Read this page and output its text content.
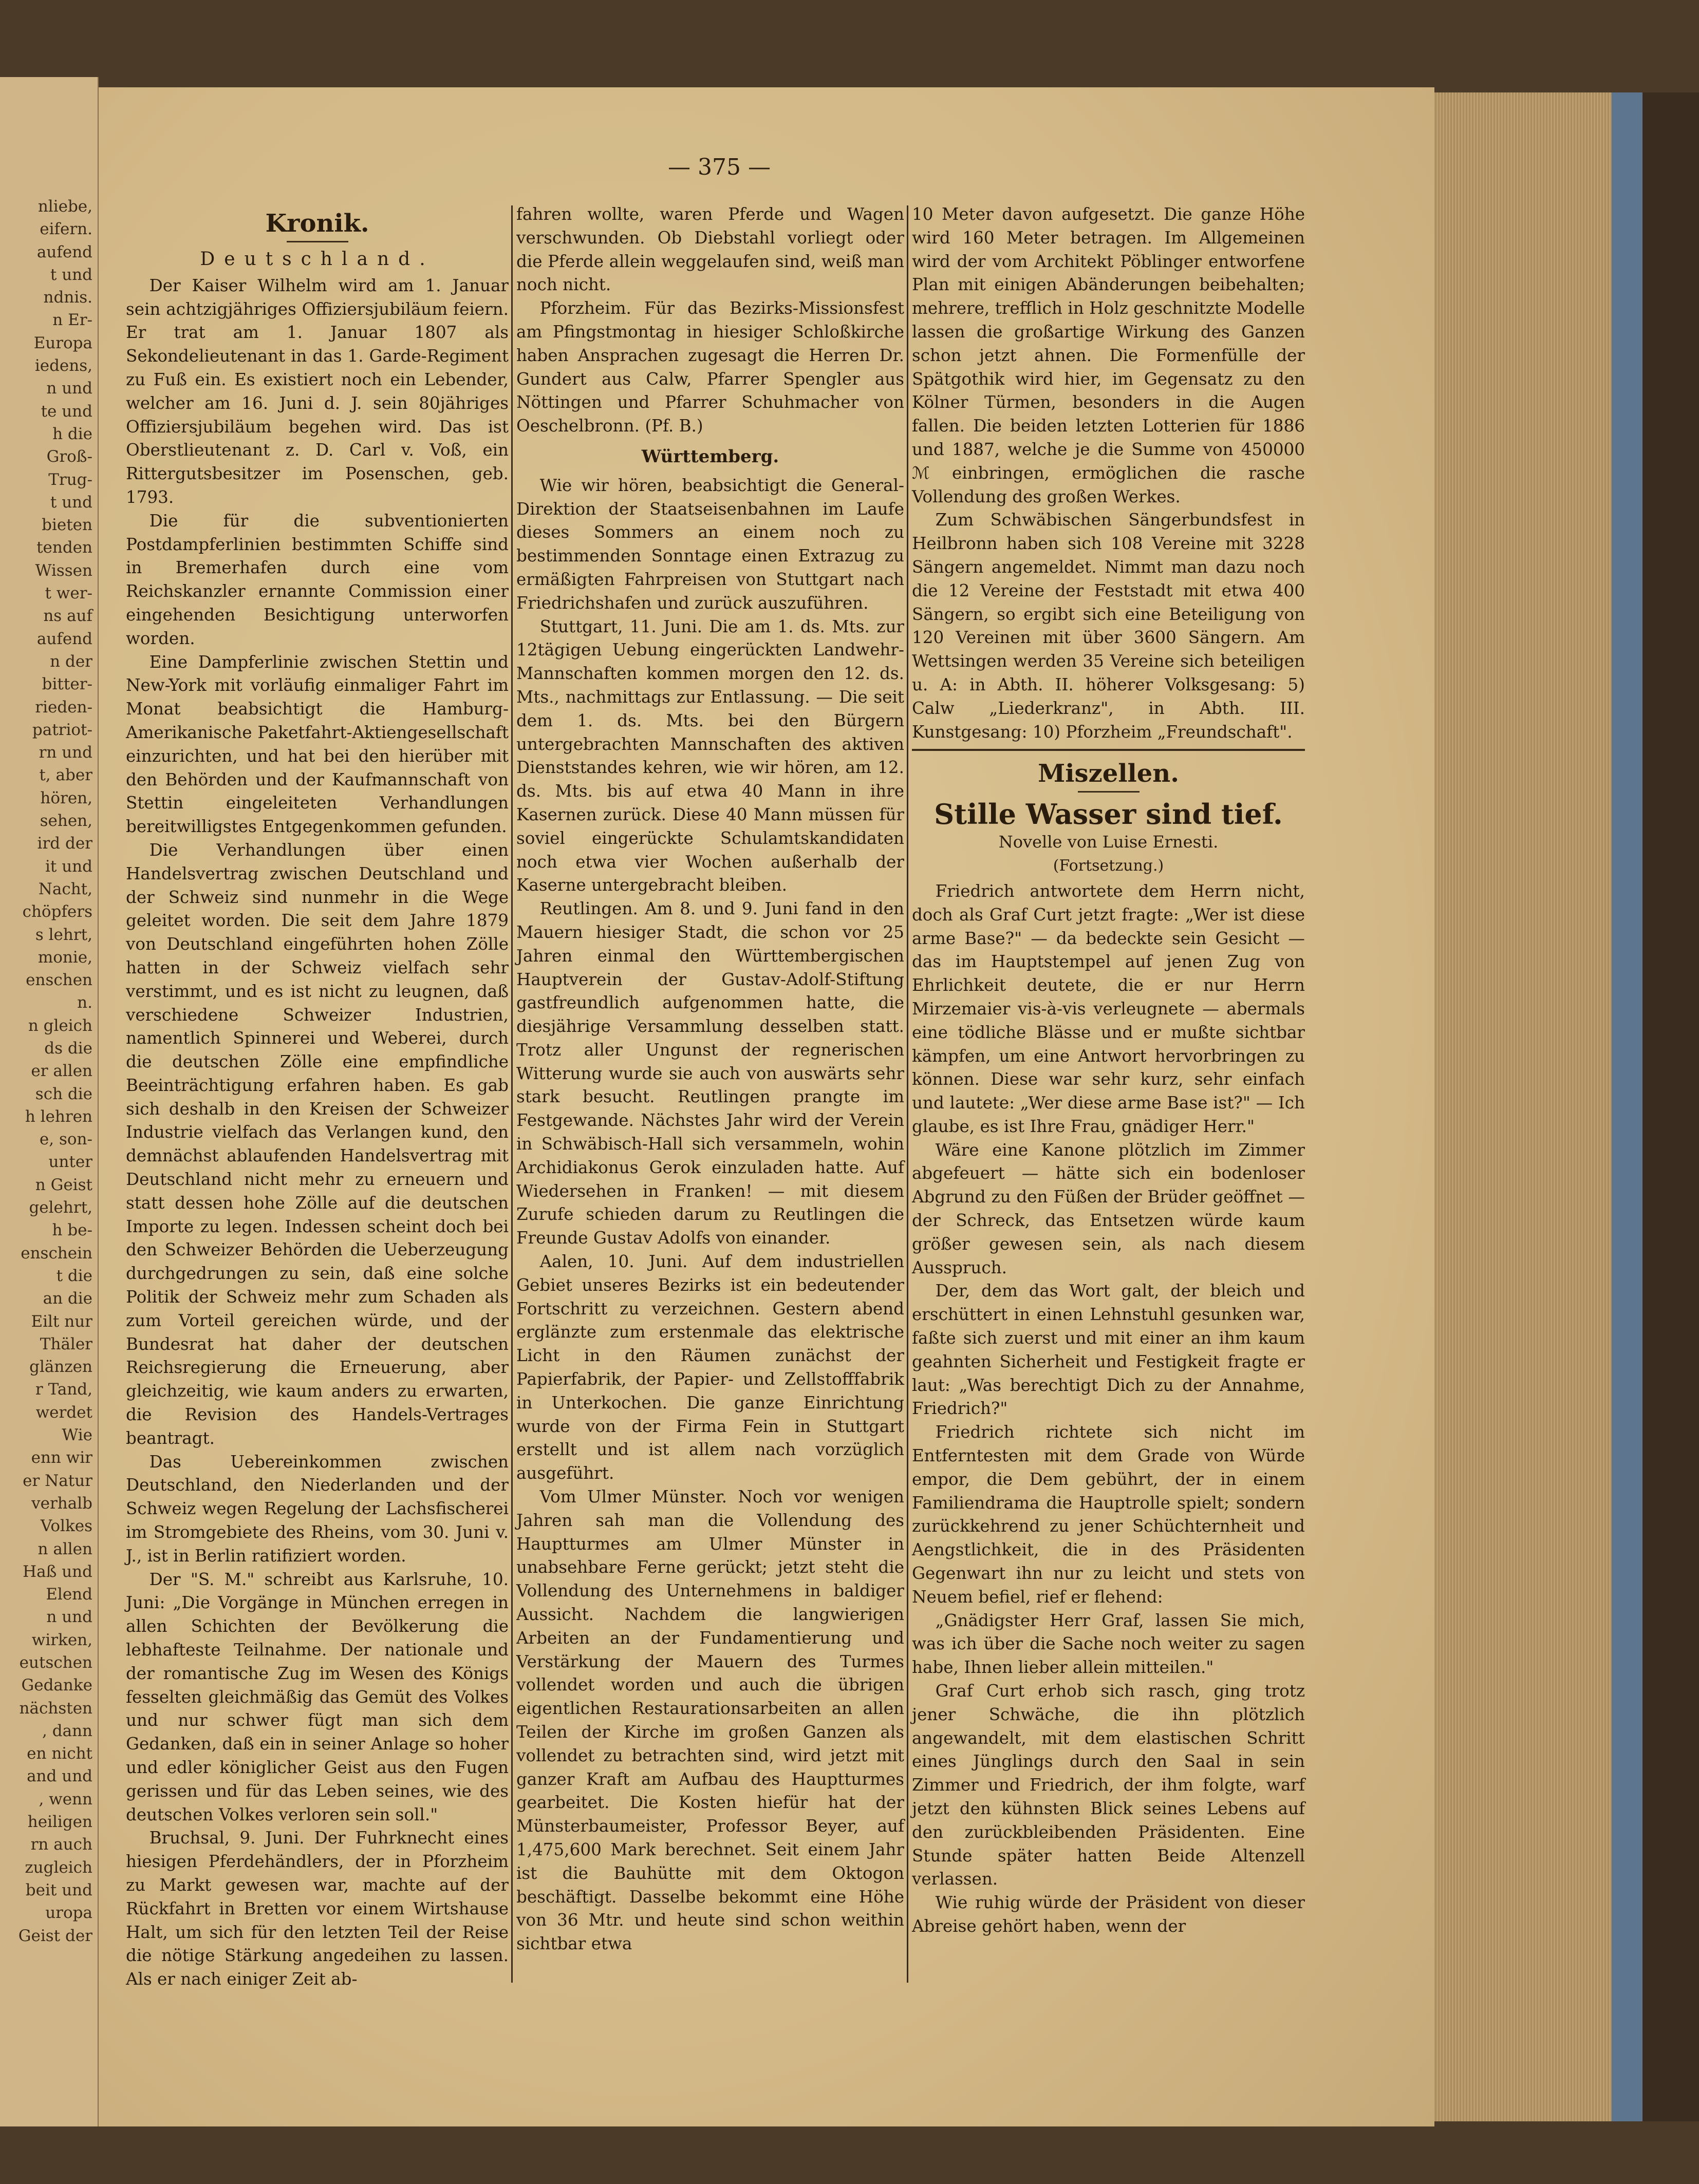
nliebe,
eifern.
aufend
t und
ndnis.
n Er-
Europa
iedens,
n und
te und
h die
Groß-
Trug-
t und
bieten
tenden
Wissen
t wer-
ns auf
aufend
n der
bitter-
rieden-
patriot-
rn und
t, aber
hören,
sehen,
ird der
it und
Nacht,
chöpfers
s lehrt,
monie,
enschen
n.
n gleich
ds die
er allen
sch die
h lehren
e, son-
unter
n Geist
gelehrt,
h be-
enschein
t die
an die
Eilt nur
Thäler
glänzen
r Tand,
werdet
Wie
enn wir
er Natur
verhalb
Volkes
n allen
Haß und
Elend
n und
wirken,
eutschen
Gedanke
nächsten
, dann
en nicht
and und
, wenn
heiligen
rn auch
zugleich
beit und
uropa
Geist der
— 375 —
Kronik.
Deutschland.

Der Kaiser Wilhelm wird am 1. Januar sein achtzigjähriges Offiziersjubiläum feiern. Er trat am 1. Januar 1807 als Sekondelieutenant in das 1. Garde-Regiment zu Fuß ein. Es existiert noch ein Lebender, welcher am 16. Juni d. J. sein 80jähriges Offiziersjubiläum begehen wird. Das ist Oberstlieutenant z. D. Carl v. Voß, ein Rittergutsbesitzer im Posenschen, geb. 1793.

Die für die subventionierten Postdampferlinien bestimmten Schiffe sind in Bremerhafen durch eine vom Reichskanzler ernannte Commission einer eingehenden Besichtigung unterworfen worden.

Eine Dampferlinie zwischen Stettin und New-York mit vorläufig einmaliger Fahrt im Monat beabsichtigt die Hamburg-Amerikanische Paketfahrt-Aktiengesellschaft einzurichten, und hat bei den hierüber mit den Behörden und der Kaufmannschaft von Stettin eingeleiteten Verhandlungen bereitwilligstes Entgegenkommen gefunden.

Die Verhandlungen über einen Handelsvertrag zwischen Deutschland und der Schweiz sind nunmehr in die Wege geleitet worden. Die seit dem Jahre 1879 von Deutschland eingeführten hohen Zölle hatten in der Schweiz vielfach sehr verstimmt, und es ist nicht zu leugnen, daß verschiedene Schweizer Industrien, namentlich Spinnerei und Weberei, durch die deutschen Zölle eine empfindliche Beeinträchtigung erfahren haben. Es gab sich deshalb in den Kreisen der Schweizer Industrie vielfach das Verlangen kund, den demnächst ablaufenden Handelsvertrag mit Deutschland nicht mehr zu erneuern und statt dessen hohe Zölle auf die deutschen Importe zu legen. Indessen scheint doch bei den Schweizer Behörden die Ueberzeugung durchgedrungen zu sein, daß eine solche Politik der Schweiz mehr zum Schaden als zum Vorteil gereichen würde, und der Bundesrat hat daher der deutschen Reichsregierung die Erneuerung, aber gleichzeitig, wie kaum anders zu erwarten, die Revision des Handels-Vertrages beantragt.

Das Uebereinkommen zwischen Deutschland, den Niederlanden und der Schweiz wegen Regelung der Lachsfischerei im Stromgebiete des Rheins, vom 30. Juni v. J., ist in Berlin ratifiziert worden.

Der "S. M." schreibt aus Karlsruhe, 10. Juni: „Die Vorgänge in München erregen in allen Schichten der Bevölkerung die lebhafteste Teilnahme. Der nationale und der romantische Zug im Wesen des Königs fesselten gleichmäßig das Gemüt des Volkes und nur schwer fügt man sich dem Gedanken, daß ein in seiner Anlage so hoher und edler königlicher Geist aus den Fugen gerissen und für das Leben seines, wie des deutschen Volkes verloren sein soll."

Bruchsal, 9. Juni. Der Fuhrknecht eines hiesigen Pferdehändlers, der in Pforzheim zu Markt gewesen war, machte auf der Rückfahrt in Bretten vor einem Wirtshause Halt, um sich für den letzten Teil der Reise die nötige Stärkung angedeihen zu lassen. Als er nach einiger Zeit ab-

fahren wollte, waren Pferde und Wagen verschwunden. Ob Diebstahl vorliegt oder die Pferde allein weggelaufen sind, weiß man noch nicht.

Pforzheim. Für das Bezirks-Missionsfest am Pfingstmontag in hiesiger Schloßkirche haben Ansprachen zugesagt die Herren Dr. Gundert aus Calw, Pfarrer Spengler aus Nöttingen und Pfarrer Schuhmacher von Oeschelbronn. (Pf. B.)

Württemberg.

Wie wir hören, beabsichtigt die General-Direktion der Staatseisenbahnen im Laufe dieses Sommers an einem noch zu bestimmenden Sonntage einen Extrazug zu ermäßigten Fahrpreisen von Stuttgart nach Friedrichshafen und zurück auszuführen.

Stuttgart, 11. Juni. Die am 1. ds. Mts. zur 12tägigen Uebung eingerückten Landwehr-Mannschaften kommen morgen den 12. ds. Mts., nachmittags zur Entlassung. — Die seit dem 1. ds. Mts. bei den Bürgern untergebrachten Mannschaften des aktiven Dienststandes kehren, wie wir hören, am 12. ds. Mts. bis auf etwa 40 Mann in ihre Kasernen zurück. Diese 40 Mann müssen für soviel eingerückte Schulamtskandidaten noch etwa vier Wochen außerhalb der Kaserne untergebracht bleiben.

Reutlingen. Am 8. und 9. Juni fand in den Mauern hiesiger Stadt, die schon vor 25 Jahren einmal den Württembergischen Hauptverein der Gustav-Adolf-Stiftung gastfreundlich aufgenommen hatte, die diesjährige Versammlung desselben statt. Trotz aller Ungunst der regnerischen Witterung wurde sie auch von auswärts sehr stark besucht. Reutlingen prangte im Festgewande. Nächstes Jahr wird der Verein in Schwäbisch-Hall sich versammeln, wohin Archidiakonus Gerok einzuladen hatte. Auf Wiedersehen in Franken! — mit diesem Zurufe schieden darum zu Reutlingen die Freunde Gustav Adolfs von einander.

Aalen, 10. Juni. Auf dem industriellen Gebiet unseres Bezirks ist ein bedeutender Fortschritt zu verzeichnen. Gestern abend erglänzte zum erstenmale das elektrische Licht in den Räumen zunächst der Papierfabrik, der Papier- und Zellstofffabrik in Unterkochen. Die ganze Einrichtung wurde von der Firma Fein in Stuttgart erstellt und ist allem nach vorzüglich ausgeführt.

Vom Ulmer Münster. Noch vor wenigen Jahren sah man die Vollendung des Hauptturmes am Ulmer Münster in unabsehbare Ferne gerückt; jetzt steht die Vollendung des Unternehmens in baldiger Aussicht. Nachdem die langwierigen Arbeiten an der Fundamentierung und Verstärkung der Mauern des Turmes vollendet worden und auch die übrigen eigentlichen Restaurationsarbeiten an allen Teilen der Kirche im großen Ganzen als vollendet zu betrachten sind, wird jetzt mit ganzer Kraft am Aufbau des Hauptturmes gearbeitet. Die Kosten hiefür hat der Münsterbaumeister, Professor Beyer, auf 1,475,600 Mark berechnet. Seit einem Jahr ist die Bauhütte mit dem Oktogon beschäftigt. Dasselbe bekommt eine Höhe von 36 Mtr. und heute sind schon weithin sichtbar etwa

10 Meter davon aufgesetzt. Die ganze Höhe wird 160 Meter betragen. Im Allgemeinen wird der vom Architekt Pöblinger entworfene Plan mit einigen Abänderungen beibehalten; mehrere, trefflich in Holz geschnitzte Modelle lassen die großartige Wirkung des Ganzen schon jetzt ahnen. Die Formenfülle der Spätgothik wird hier, im Gegensatz zu den Kölner Türmen, besonders in die Augen fallen. Die beiden letzten Lotterien für 1886 und 1887, welche je die Summe von 450000 ℳ einbringen, ermöglichen die rasche Vollendung des großen Werkes.

Zum Schwäbischen Sängerbundsfest in Heilbronn haben sich 108 Vereine mit 3228 Sängern angemeldet. Nimmt man dazu noch die 12 Vereine der Feststadt mit etwa 400 Sängern, so ergibt sich eine Beteiligung von 120 Vereinen mit über 3600 Sängern. Am Wettsingen werden 35 Vereine sich beteiligen u. A: in Abth. II. höherer Volksgesang: 5) Calw „Liederkranz", in Abth. III. Kunstgesang: 10) Pforzheim „Freundschaft".

Miszellen.
Stille Wasser sind tief.
Novelle von Luise Ernesti.
(Fortsetzung.)

Friedrich antwortete dem Herrn nicht, doch als Graf Curt jetzt fragte: „Wer ist diese arme Base?" — da bedeckte sein Gesicht — das im Hauptstempel auf jenen Zug von Ehrlichkeit deutete, die er nur Herrn Mirzemaier vis-à-vis verleugnete — abermals eine tödliche Blässe und er mußte sichtbar kämpfen, um eine Antwort hervorbringen zu können. Diese war sehr kurz, sehr einfach und lautete: „Wer diese arme Base ist?" — Ich glaube, es ist Ihre Frau, gnädiger Herr."

Wäre eine Kanone plötzlich im Zimmer abgefeuert — hätte sich ein bodenloser Abgrund zu den Füßen der Brüder geöffnet — der Schreck, das Entsetzen würde kaum größer gewesen sein, als nach diesem Ausspruch.

Der, dem das Wort galt, der bleich und erschüttert in einen Lehnstuhl gesunken war, faßte sich zuerst und mit einer an ihm kaum geahnten Sicherheit und Festigkeit fragte er laut: „Was berechtigt Dich zu der Annahme, Friedrich?"

Friedrich richtete sich nicht im Entferntesten mit dem Grade von Würde empor, die Dem gebührt, der in einem Familiendrama die Hauptrolle spielt; sondern zurückkehrend zu jener Schüchternheit und Aengstlichkeit, die in des Präsidenten Gegenwart ihn nur zu leicht und stets von Neuem befiel, rief er flehend:

„Gnädigster Herr Graf, lassen Sie mich, was ich über die Sache noch weiter zu sagen habe, Ihnen lieber allein mitteilen."

Graf Curt erhob sich rasch, ging trotz jener Schwäche, die ihn plötzlich angewandelt, mit dem elastischen Schritt eines Jünglings durch den Saal in sein Zimmer und Friedrich, der ihm folgte, warf jetzt den kühnsten Blick seines Lebens auf den zurückbleibenden Präsidenten. Eine Stunde später hatten Beide Altenzell verlassen.

Wie ruhig würde der Präsident von dieser Abreise gehört haben, wenn der
